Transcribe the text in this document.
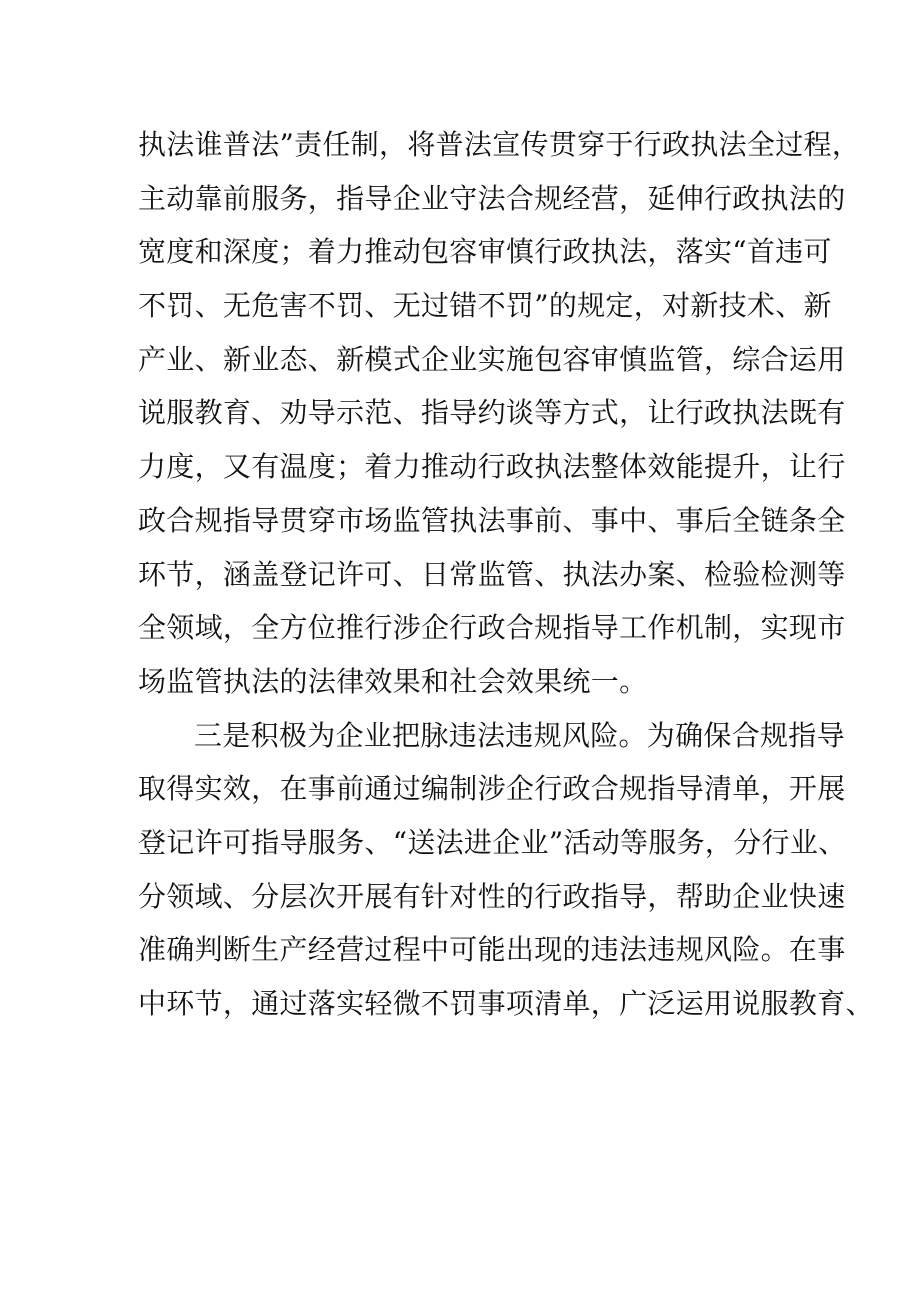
执法谁普法”责任制，将普法宣传贯穿于行政执法全过程，
主动靠前服务，指导企业守法合规经营，延伸行政执法的
宽度和深度；着力推动包容审慎行政执法，落实“首违可
不罚、无危害不罚、无过错不罚”的规定，对新技术、新
产业、新业态、新模式企业实施包容审慎监管，综合运用
说服教育、劝导示范、指导约谈等方式，让行政执法既有
力度，又有温度；着力推动行政执法整体效能提升，让行
政合规指导贯穿市场监管执法事前、事中、事后全链条全
环节，涵盖登记许可、日常监管、执法办案、检验检测等
全领域，全方位推行涉企行政合规指导工作机制，实现市
场监管执法的法律效果和社会效果统一。
三是积极为企业把脉违法违规风险。为确保合规指导
取得实效，在事前通过编制涉企行政合规指导清单，开展
登记许可指导服务、“送法进企业”活动等服务，分行业、
分领域、分层次开展有针对性的行政指导，帮助企业快速
准确判断生产经营过程中可能出现的违法违规风险。在事
中环节，通过落实轻微不罚事项清单，广泛运用说服教育、
